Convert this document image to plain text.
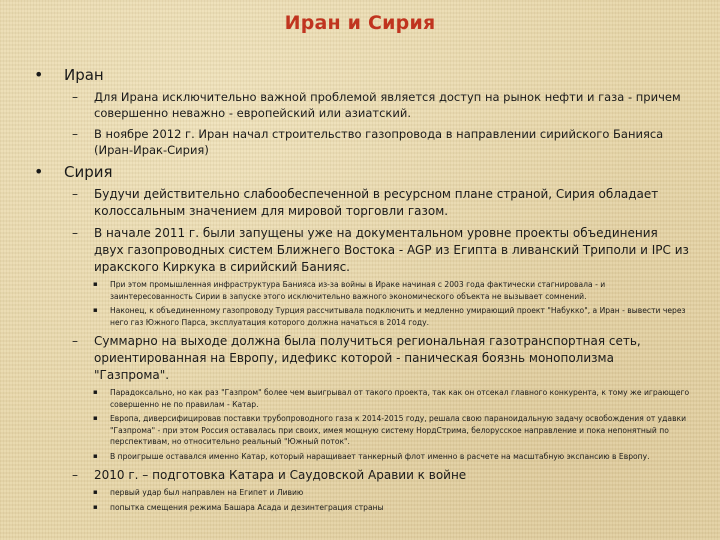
Иран и Сирия
• Иран
– Для Ирана исключительно важной проблемой является доступ на рынок нефти и газа - причем совершенно неважно - европейский или азиатский.
– В ноябре 2012 г. Иран начал строительство газопровода в направлении сирийского Банияса (Иран-Ирак-Сирия)
• Сирия
– Будучи действительно слабообеспеченной в ресурсном плане страной, Сирия обладает колоссальным значением для мировой торговли газом.
– В начале 2011 г. были запущены уже на документальном уровне проекты объединения двух газопроводных систем Ближнего Востока - AGP из Египта в ливанский Триполи и IPC из иракского Киркука в сирийский Банияс.
▪ При этом промышленная инфраструктура Банияса из-за войны в Ираке начиная с 2003 года фактически стагнировала - и заинтересованность Сирии в запуске этого исключительно важного экономического объекта не вызывает сомнений.
▪ Наконец, к объединенному газопроводу Турция рассчитывала подключить и медленно умирающий проект "Набукко", а Иран - вывести через него газ Южного Парса, эксплуатация которого должна начаться в 2014 году.
– Суммарно на выходе должна была получиться региональная газотранспортная сеть, ориентированная на Европу, идефикс которой - паническая боязнь монополизма "Газпрома".
▪ Парадоксально, но как раз "Газпром" более чем выигрывал от такого проекта, так как он отсекал главного конкурента, к тому же играющего совершенно не по правилам - Катар.
▪ Европа, диверсифицировав поставки трубопроводного газа к 2014-2015 году, решала свою параноидальную задачу освобождения от удавки "Газпрома" - при этом Россия оставалась при своих, имея мощную систему НордСтрима, белорусское направление и пока непонятный по перспективам, но относительно реальный "Южный поток".
▪ В проигрыше оставался именно Катар, который наращивает танкерный флот именно в расчете на масштабную экспансию в Европу.
– 2010 г. – подготовка Катара и Саудовской Аравии к войне
▪ первый удар был направлен на Египет и Ливию
▪ попытка смещения режима Башара Асада и дезинтеграция страны
